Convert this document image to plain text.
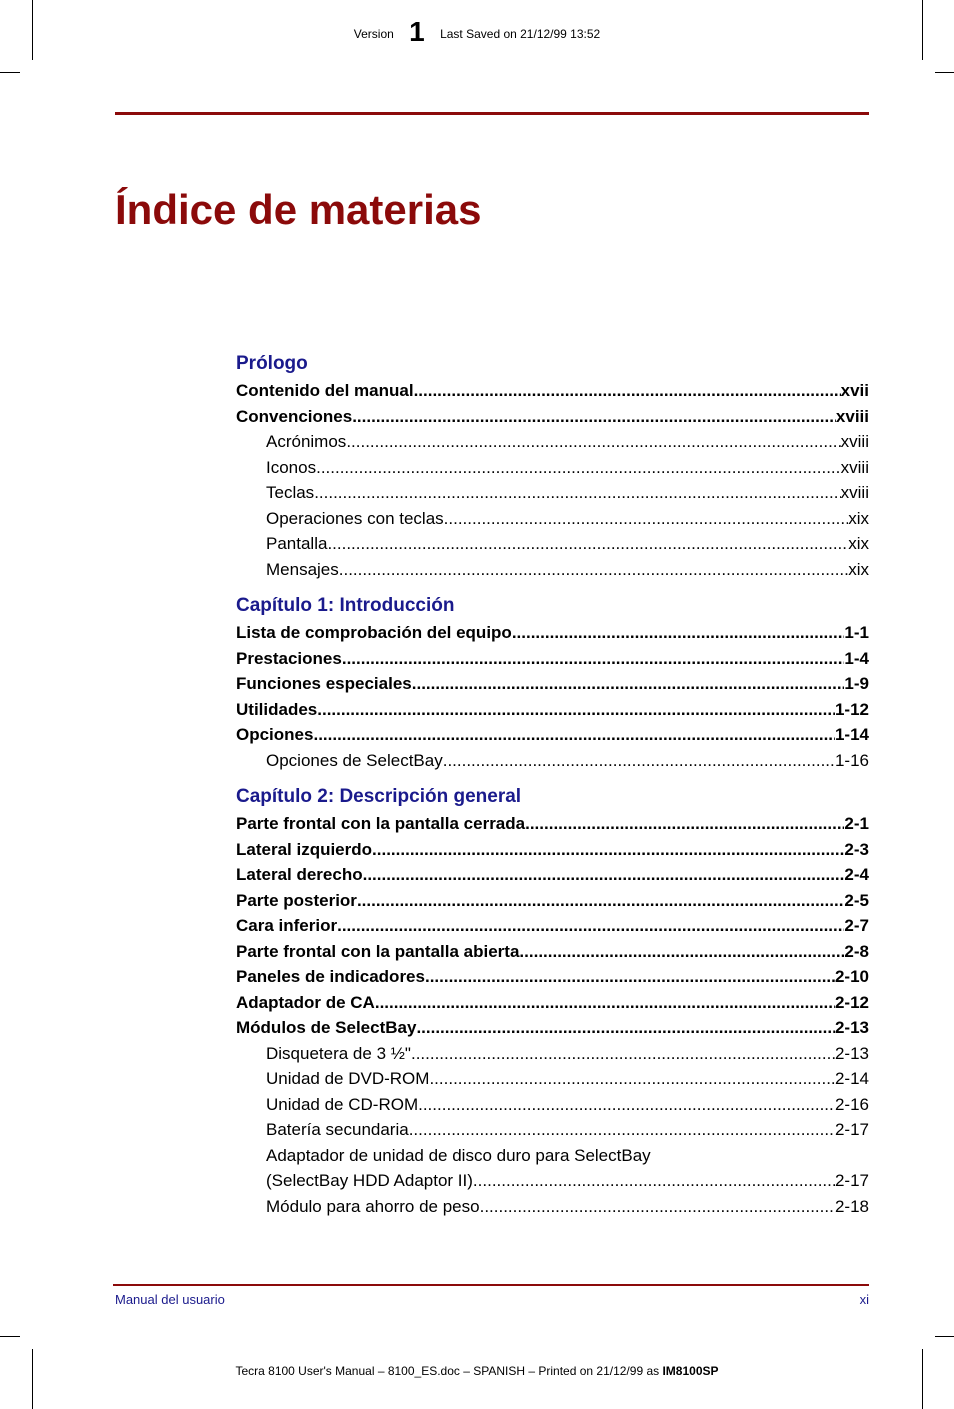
Version 1 Last Saved on 21/12/99 13:52
Índice de materias
Prólogo
Contenido del manual .....	xvii
Convenciones .....	xviii
Acrónimos .....	xviii
Iconos .....	xviii
Teclas .....	xviii
Operaciones con teclas .....	xix
Pantalla .....	xix
Mensajes .....	xix
Capítulo 1: Introducción
Lista de comprobación del equipo .....	1-1
Prestaciones .....	1-4
Funciones especiales .....	1-9
Utilidades .....	1-12
Opciones .....	1-14
Opciones de SelectBay .....	1-16
Capítulo 2: Descripción general
Parte frontal con la pantalla cerrada .....	2-1
Lateral izquierdo .....	2-3
Lateral derecho .....	2-4
Parte posterior .....	2-5
Cara inferior .....	2-7
Parte frontal con la pantalla abierta .....	2-8
Paneles de indicadores .....	2-10
Adaptador de CA .....	2-12
Módulos de SelectBay .....	2-13
Disquetera de 3 ½" .....	2-13
Unidad de DVD-ROM .....	2-14
Unidad de CD-ROM .....	2-16
Batería secundaria .....	2-17
Adaptador de unidad de disco duro para SelectBay
(SelectBay HDD Adaptor II) .....	2-17
Módulo para ahorro de peso .....	2-18
Manual del usuario	xi
Tecra 8100 User's Manual – 8100_ES.doc – SPANISH – Printed on 21/12/99 as IM8100SP
